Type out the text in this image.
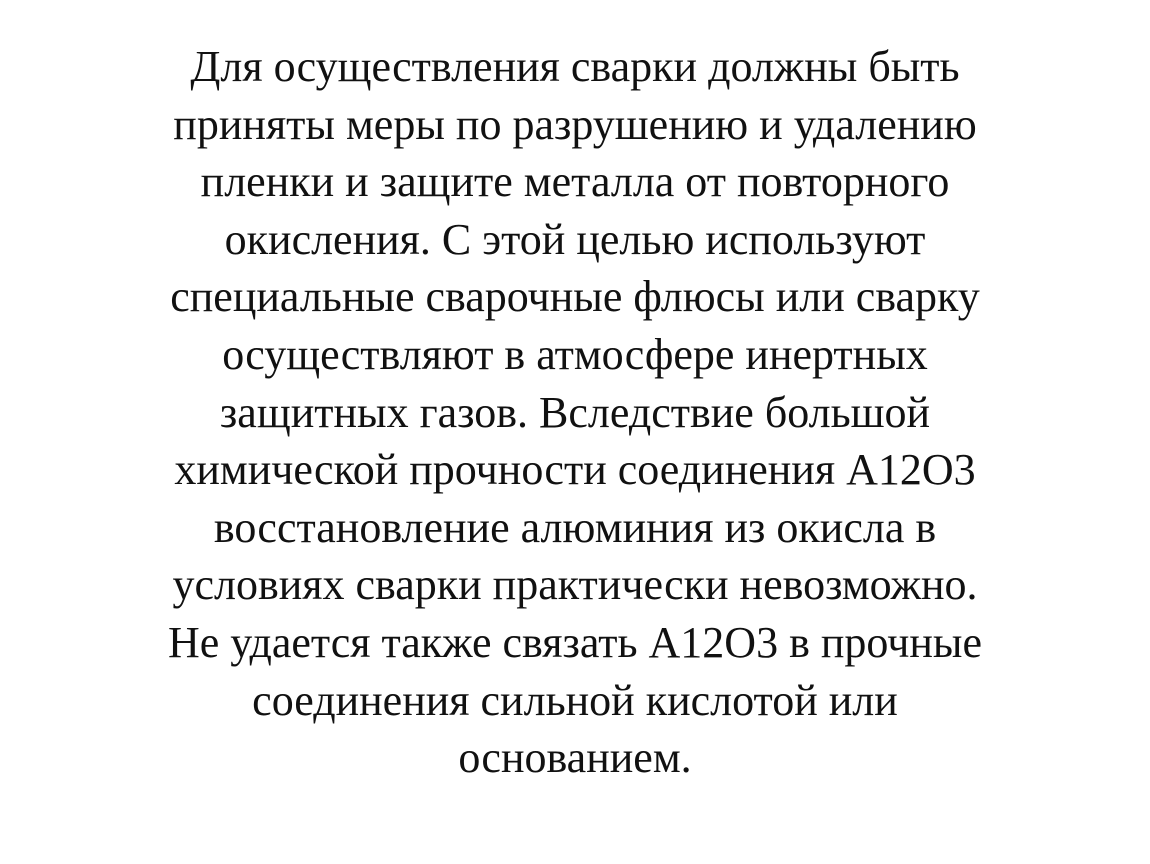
Для осуществления сварки должны быть
приняты меры по разрушению и удалению
пленки и защите металла от повторного
окисления. С этой целью используют
специальные сварочные флюсы или сварку
осуществляют в атмосфере инертных
защитных газов. Вследствие большой
химической прочности соединения А12О3
восстановление алюминия из окисла в
условиях сварки практически невозможно.
Не удается также связать А12О3 в прочные
соединения сильной кислотой или
основанием.
